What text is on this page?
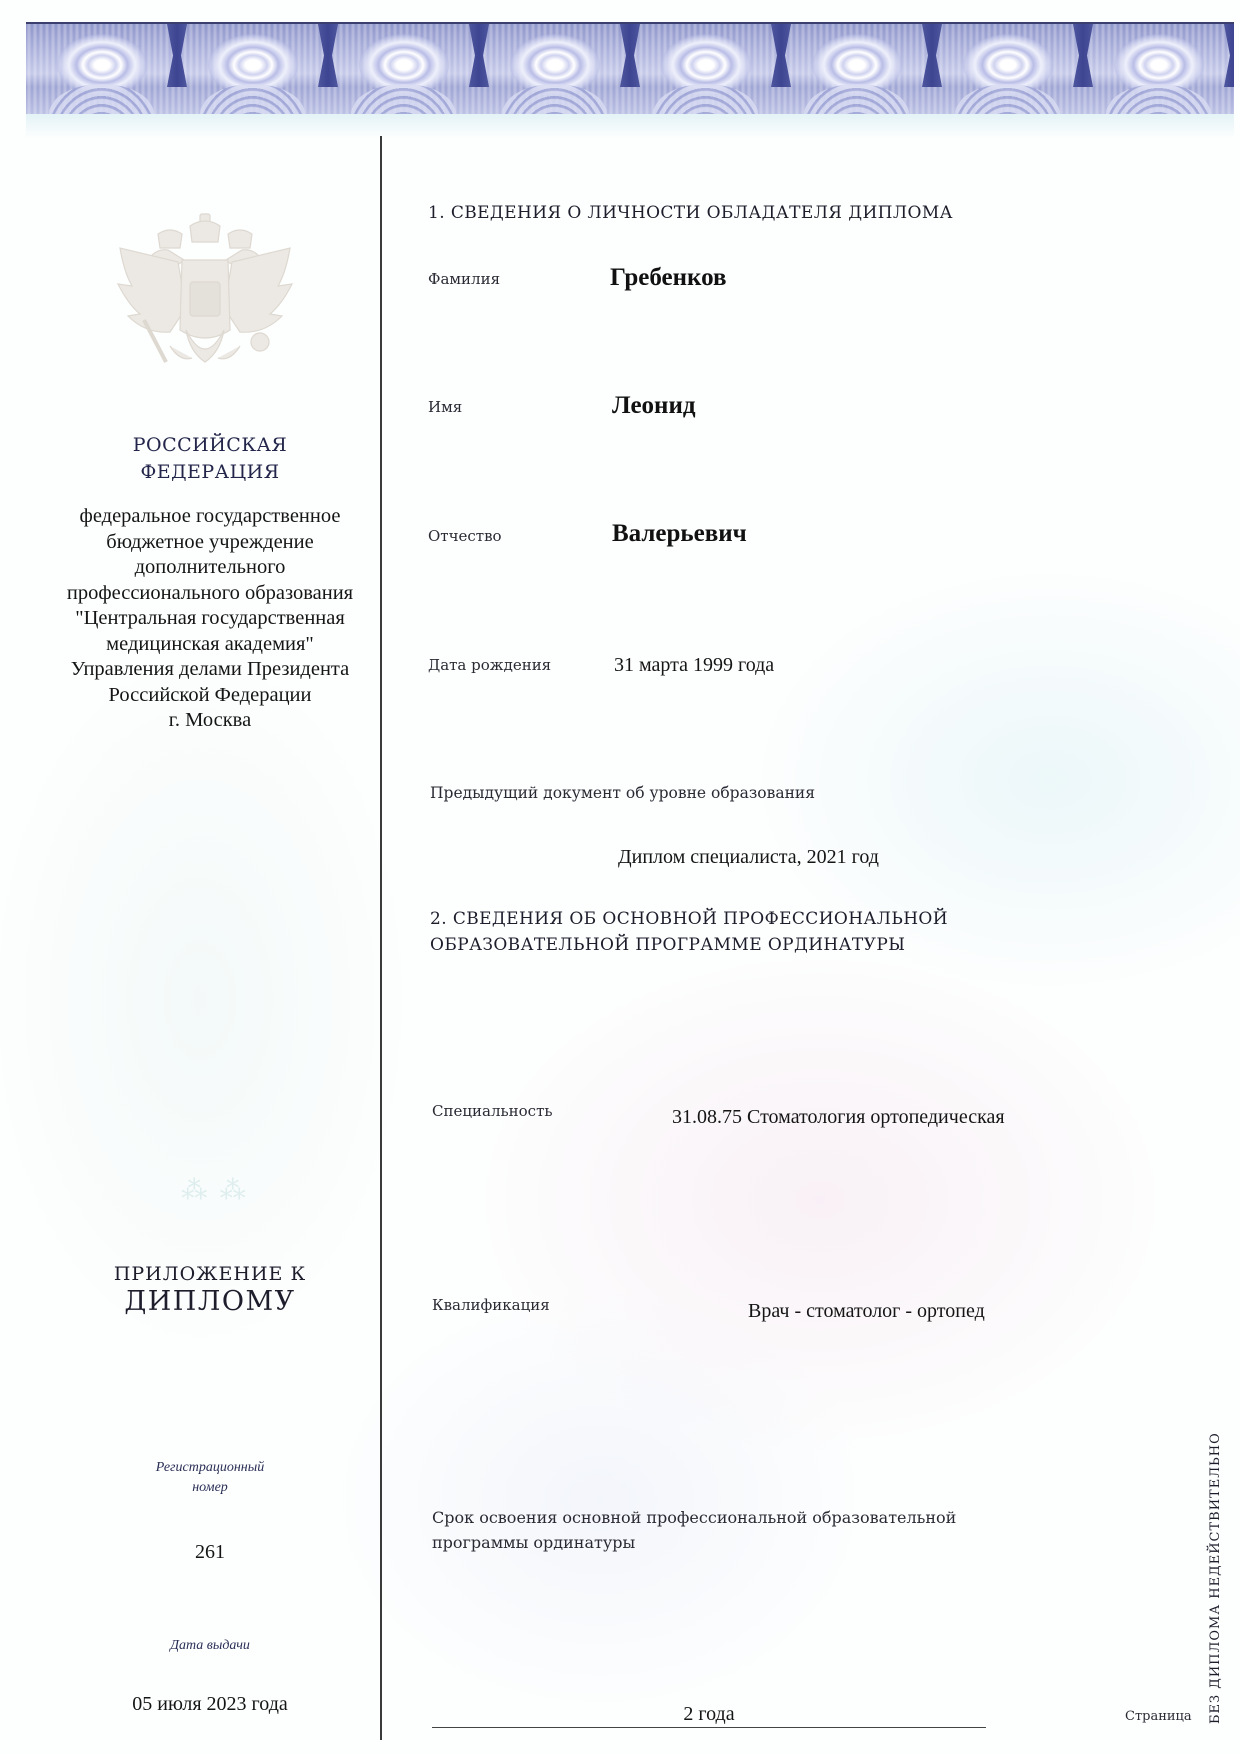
РОССИЙСКАЯ
ФЕДЕРАЦИЯ
федеральное государственное
бюджетное учреждение
дополнительного
профессионального образования
"Центральная государственная
медицинская академия"
Управления делами Президента
Российской Федерации
г. Москва
⁂ ⁂
ПРИЛОЖЕНИЕ К
ДИПЛОМУ
Регистрационный
номер
261
Дата выдачи
05 июля 2023 года
1. СВЕДЕНИЯ О ЛИЧНОСТИ ОБЛАДАТЕЛЯ ДИПЛОМА
Фамилия	Гребенков
Имя	Леонид
Отчество	Валерьевич
Дата рождения	31 марта 1999 года
Предыдущий документ об уровне образования
Диплом специалиста, 2021 год
2. СВЕДЕНИЯ ОБ ОСНОВНОЙ ПРОФЕССИОНАЛЬНОЙ
ОБРАЗОВАТЕЛЬНОЙ ПРОГРАММЕ ОРДИНАТУРЫ
Специальность	31.08.75 Стоматология ортопедическая
Квалификация	Врач - стоматолог - ортопед
Срок освоения основной профессиональной образовательной
программы ординатуры
2 года	Страница БЕЗ ДИПЛОМА НЕДЕЙСТВИТЕЛЬНО
